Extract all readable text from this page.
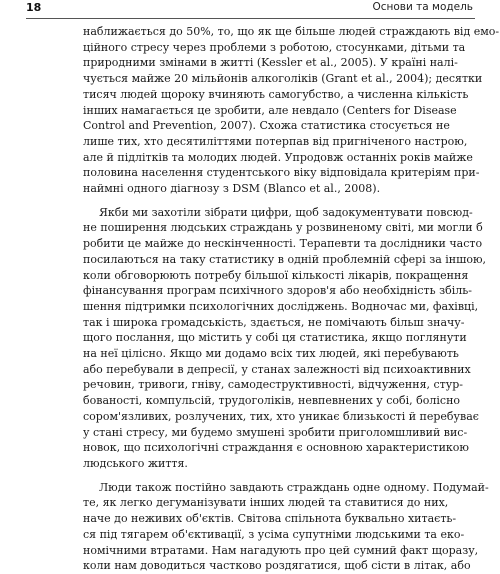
18	Основи та модель
наближається до 50%, то, що як ще більше людей страждають від емо-
ційного стресу через проблеми з роботою, стосунками, дітьми та
природними змінами в житті (Kessler et al., 2005). У країні налі-
чується майже 20 мільйонів алкоголіків (Grant et al., 2004); десятки
тисяч людей щороку вчиняють самогубство, а численна кількість
інших намагається це зробити, але невдало (Centers for Disease
Control and Prevention, 2007). Схожа статистика стосується не
лише тих, хто десятиліттями потерпав від пригніченого настрою,
але й підлітків та молодих людей. Упродовж останніх років майже
половина населення студентського віку відповідала критеріям при-
наймні одного діагнозу з DSM (Blanco et al., 2008).
Якби ми захотіли зібрати цифри, щоб задокументувати повсюд-
не поширення людських страждань у розвиненому світі, ми могли б
робити це майже до нескінченності. Терапевти та дослідники часто
посилаються на таку статистику в одній проблемній сфері за іншою,
коли обговорюють потребу більшої кількості лікарів, покращення
фінансування програм психічного здоров'я або необхідність збіль-
шення підтримки психологічних досліджень. Водночас ми, фахівці,
так і широка громадськість, здається, не помічають більш значу-
щого послання, що містить у собі ця статистика, якщо поглянути
на неї цілісно. Якщо ми додамо всіх тих людей, які перебувають
або перебували в депресії, у станах залежності від психоактивних
речовин, тривоги, гніву, самодеструктивності, відчуження, стур-
бованості, компульсій, трудоголіків, невпевнених у собі, болісно
сором'язливих, розлучених, тих, хто уникає близькості й перебуває
у стані стресу, ми будемо змушені зробити приголомшливий вис-
новок, що психологічні страждання є основною характеристикою
людського життя.
Люди також постійно завдають страждань одне одному. Подумай-
те, як легко дегуманізувати інших людей та ставитися до них,
наче до неживих об'єктів. Світова спільнота буквально хитаєть-
ся під тягарем об'єктивації, з усіма супутніми людськими та еко-
номічними втратами. Нам нагадують про цей сумний факт щоразу,
коли нам доводиться частково роздягатися, щоб сісти в літак, або
